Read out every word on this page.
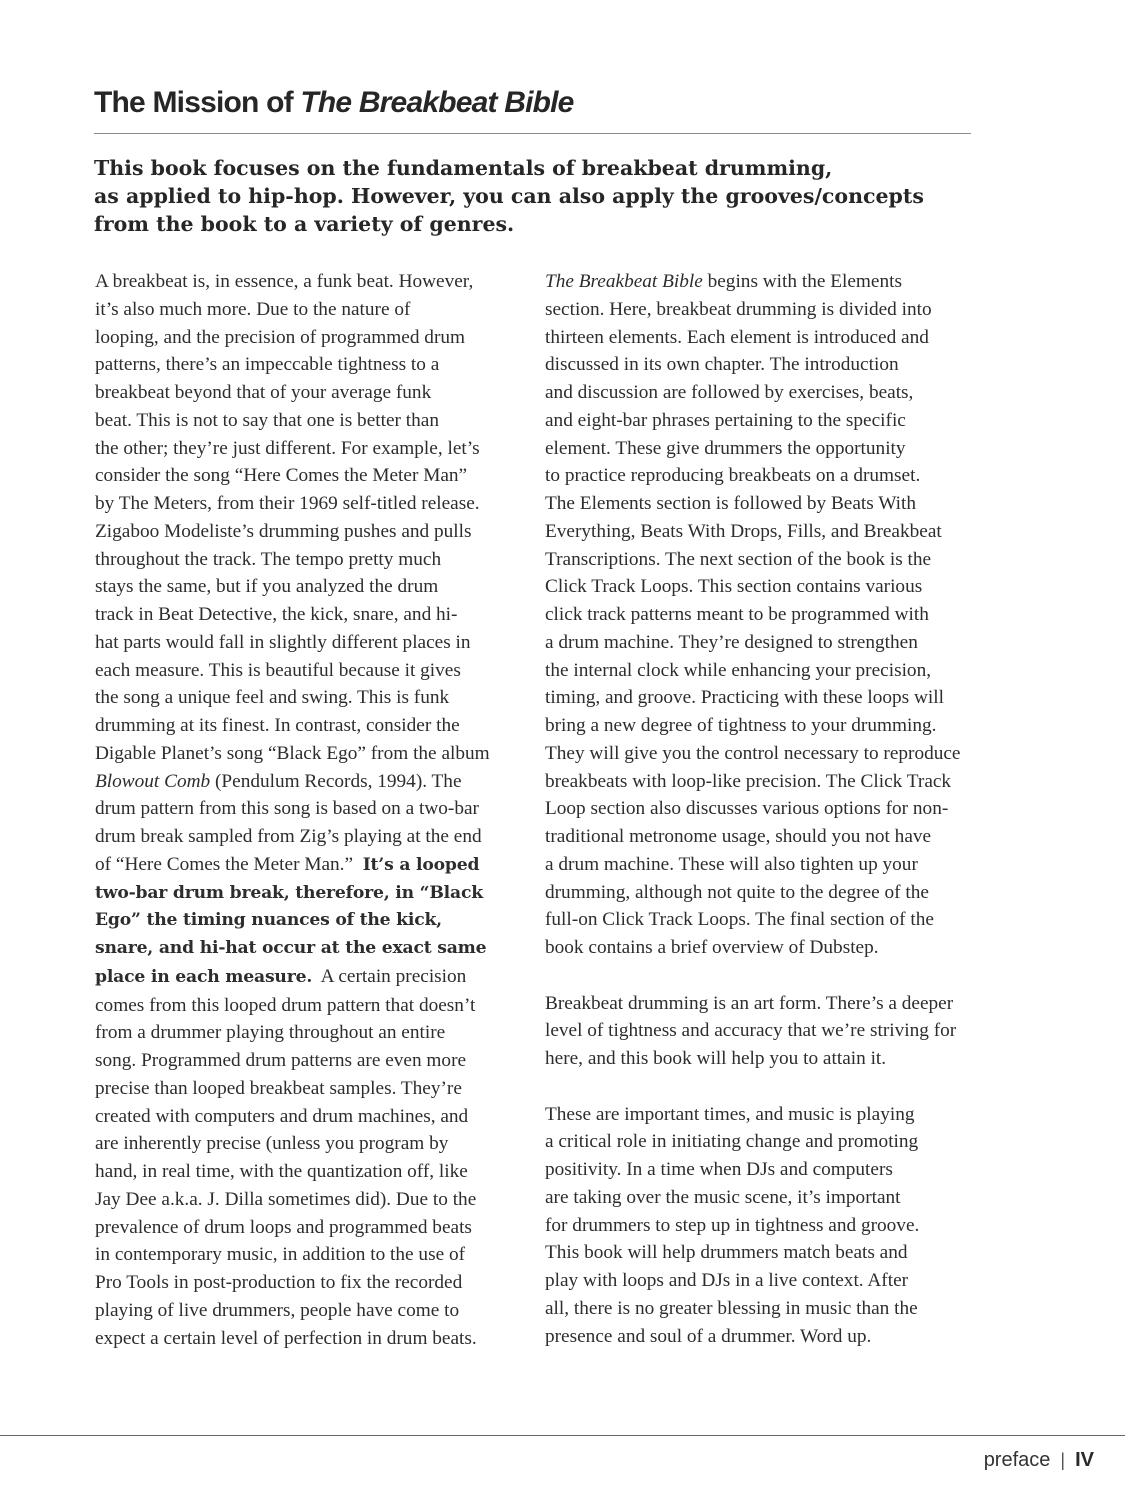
The Mission of The Breakbeat Bible

This book focuses on the fundamentals of breakbeat drumming,
as applied to hip-hop. However, you can also apply the grooves/concepts
from the book to a variety of genres.

A breakbeat is, in essence, a funk beat. However,
it’s also much more. Due to the nature of
looping, and the precision of programmed drum
patterns, there’s an impeccable tightness to a
breakbeat beyond that of your average funk
beat. This is not to say that one is better than
the other; they’re just different. For example, let’s
consider the song “Here Comes the Meter Man”
by The Meters, from their 1969 self-titled release.
Zigaboo Modeliste’s drumming pushes and pulls
throughout the track. The tempo pretty much
stays the same, but if you analyzed the drum
track in Beat Detective, the kick, snare, and hi-
hat parts would fall in slightly different places in
each measure. This is beautiful because it gives
the song a unique feel and swing. This is funk
drumming at its finest. In contrast, consider the
Digable Planet’s song “Black Ego” from the album
Blowout Comb (Pendulum Records, 1994). The
drum pattern from this song is based on a two-bar
drum break sampled from Zig’s playing at the end
of “Here Comes the Meter Man.”  It’s a looped
two-bar drum break, therefore, in “Black
Ego” the timing nuances of the kick,
snare, and hi-hat occur at the exact same
place in each measure.  A certain precision
comes from this looped drum pattern that doesn’t
from a drummer playing throughout an entire
song. Programmed drum patterns are even more
precise than looped breakbeat samples. They’re
created with computers and drum machines, and
are inherently precise (unless you program by
hand, in real time, with the quantization off, like
Jay Dee a.k.a. J. Dilla sometimes did). Due to the
prevalence of drum loops and programmed beats
in contemporary music, in addition to the use of
Pro Tools in post-production to fix the recorded
playing of live drummers, people have come to
expect a certain level of perfection in drum beats.
The Breakbeat Bible begins with the Elements
section. Here, breakbeat drumming is divided into
thirteen elements. Each element is introduced and
discussed in its own chapter. The introduction
and discussion are followed by exercises, beats,
and eight-bar phrases pertaining to the specific
element. These give drummers the opportunity
to practice reproducing breakbeats on a drumset.
The Elements section is followed by Beats With
Everything, Beats With Drops, Fills, and Breakbeat
Transcriptions. The next section of the book is the
Click Track Loops. This section contains various
click track patterns meant to be programmed with
a drum machine. They’re designed to strengthen
the internal clock while enhancing your precision,
timing, and groove. Practicing with these loops will
bring a new degree of tightness to your drumming.
They will give you the control necessary to reproduce
breakbeats with loop-like precision. The Click Track
Loop section also discusses various options for non-
traditional metronome usage, should you not have
a drum machine. These will also tighten up your
drumming, although not quite to the degree of the
full-on Click Track Loops. The final section of the
book contains a brief overview of Dubstep.
Breakbeat drumming is an art form. There’s a deeper
level of tightness and accuracy that we’re striving for
here, and this book will help you to attain it.
These are important times, and music is playing
a critical role in initiating change and promoting
positivity. In a time when DJs and computers
are taking over the music scene, it’s important
for drummers to step up in tightness and groove.
This book will help drummers match beats and
play with loops and DJs in a live context. After
all, there is no greater blessing in music than the
presence and soul of a drummer. Word up.
preface | IV
